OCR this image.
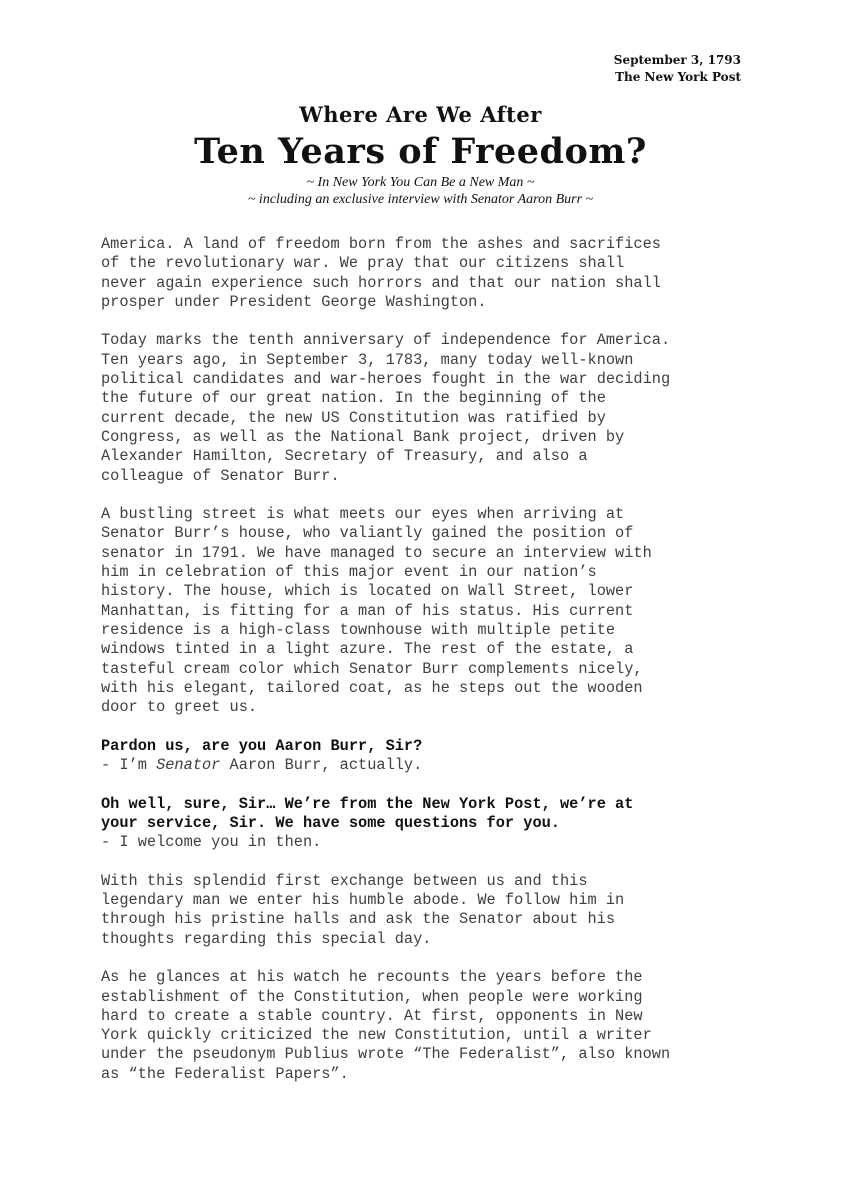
September 3, 1793
The New York Post
Where Are We After
Ten Years of Freedom?
~ In New York You Can Be a New Man ~
~ including an exclusive interview with Senator Aaron Burr ~

America. A land of freedom born from the ashes and sacrifices
of the revolutionary war. We pray that our citizens shall
never again experience such horrors and that our nation shall
prosper under President George Washington.

Today marks the tenth anniversary of independence for America.
Ten years ago, in September 3, 1783, many today well-known
political candidates and war-heroes fought in the war deciding
the future of our great nation. In the beginning of the
current decade, the new US Constitution was ratified by
Congress, as well as the National Bank project, driven by
Alexander Hamilton, Secretary of Treasury, and also a
colleague of Senator Burr.

A bustling street is what meets our eyes when arriving at
Senator Burr’s house, who valiantly gained the position of
senator in 1791. We have managed to secure an interview with
him in celebration of this major event in our nation’s
history. The house, which is located on Wall Street, lower
Manhattan, is fitting for a man of his status. His current
residence is a high-class townhouse with multiple petite
windows tinted in a light azure. The rest of the estate, a
tasteful cream color which Senator Burr complements nicely,
with his elegant, tailored coat, as he steps out the wooden
door to greet us.

Pardon us, are you Aaron Burr, Sir?
- I’m Senator Aaron Burr, actually.
Oh well, sure, Sir… We’re from the New York Post, we’re at
your service, Sir. We have some questions for you.
- I welcome you in then.

With this splendid first exchange between us and this
legendary man we enter his humble abode. We follow him in
through his pristine halls and ask the Senator about his
thoughts regarding this special day.

As he glances at his watch he recounts the years before the
establishment of the Constitution, when people were working
hard to create a stable country. At first, opponents in New
York quickly criticized the new Constitution, until a writer
under the pseudonym Publius wrote “The Federalist”, also known
as “the Federalist Papers”.
